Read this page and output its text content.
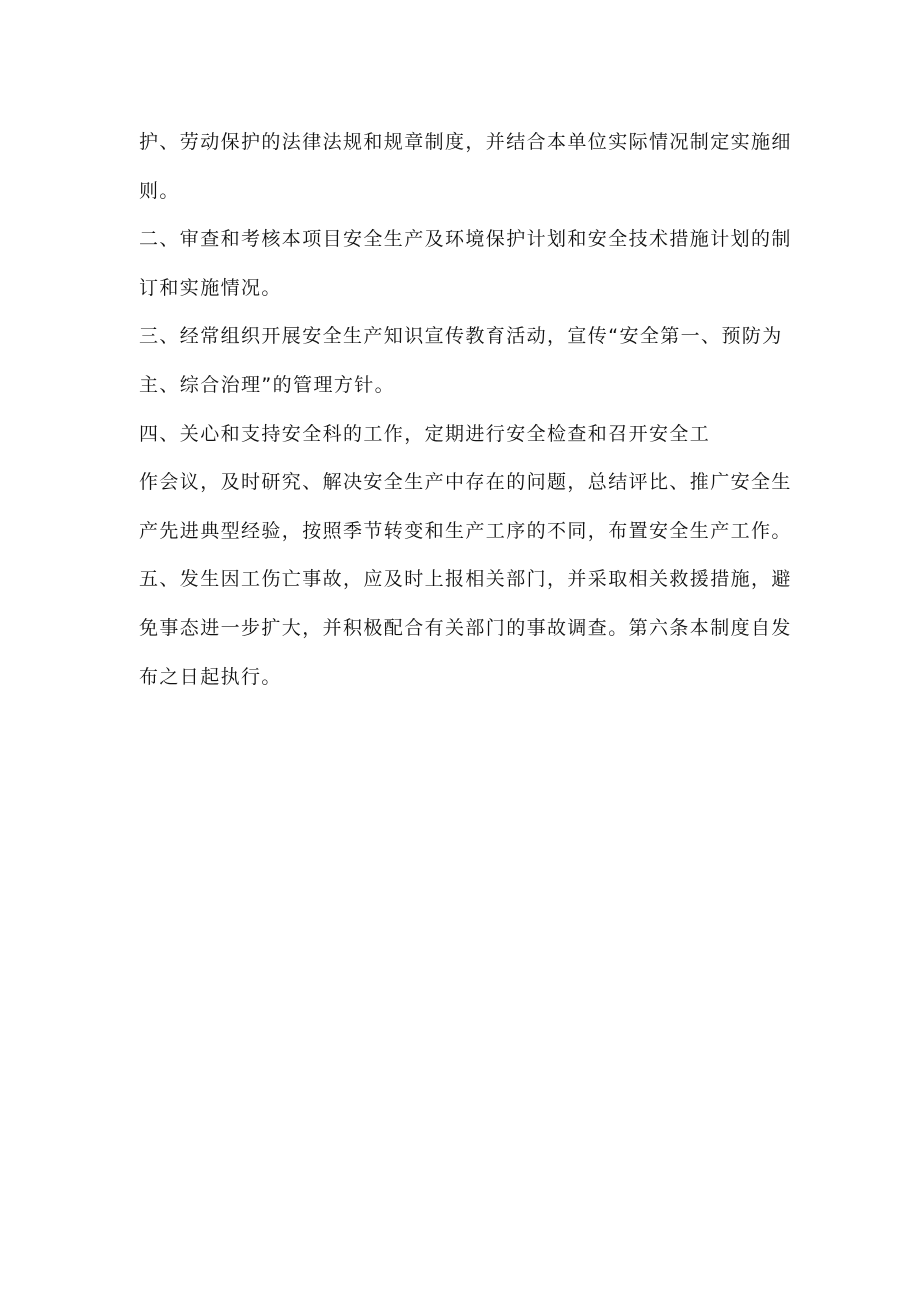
护、劳动保护的法律法规和规章制度，并结合本单位实际情况制定实施细
则。
二、审查和考核本项目安全生产及环境保护计划和安全技术措施计划的制
订和实施情况。
三、经常组织开展安全生产知识宣传教育活动，宣传“安全第一、预防为
主、综合治理”的管理方针。
四、关心和支持安全科的工作，定期进行安全检查和召开安全工
作会议，及时研究、解决安全生产中存在的问题，总结评比、推广安全生
产先进典型经验，按照季节转变和生产工序的不同，布置安全生产工作。
五、发生因工伤亡事故，应及时上报相关部门，并采取相关救援措施，避
免事态进一步扩大，并积极配合有关部门的事故调查。第六条本制度自发
布之日起执行。
